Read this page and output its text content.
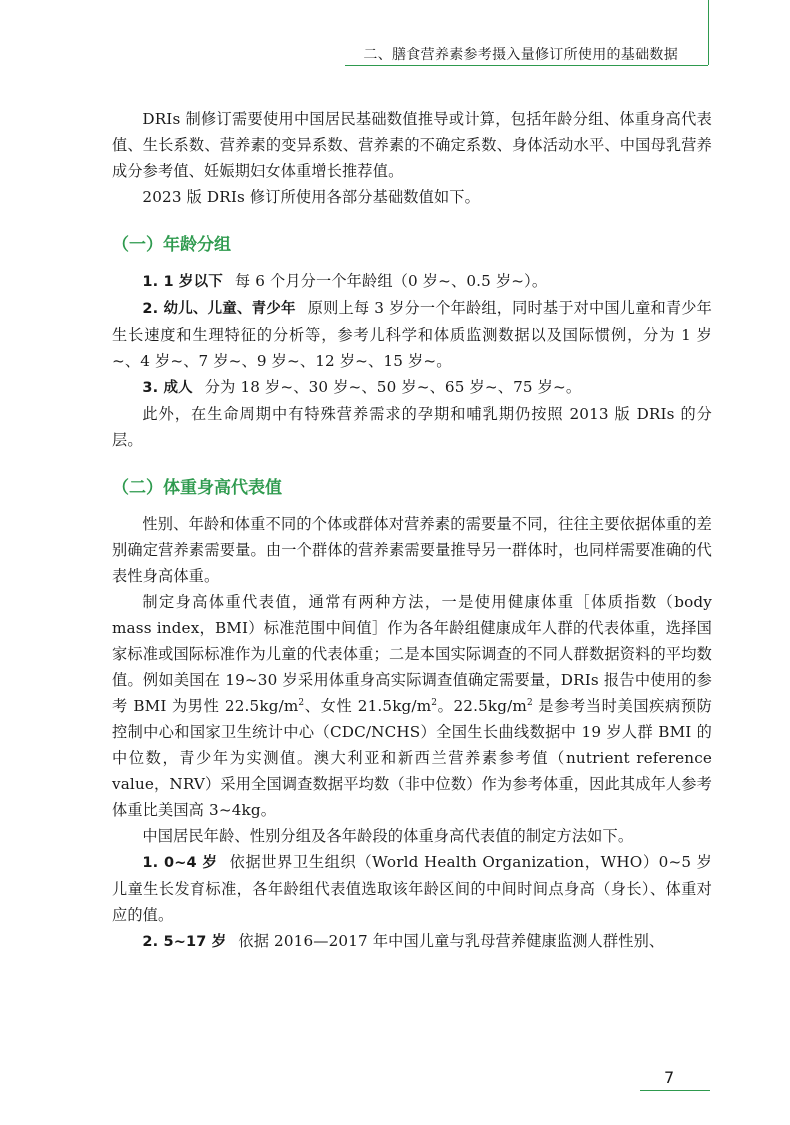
二、膳食营养素参考摄入量修订所使用的基础数据

DRIs 制修订需要使用中国居民基础数值推导或计算，包括年龄分组、体重身高代表值、生长系数、营养素的变异系数、营养素的不确定系数、身体活动水平、中国母乳营养成分参考值、妊娠期妇女体重增长推荐值。

2023 版 DRIs 修订所使用各部分基础数值如下。

（一）年龄分组

1. 1 岁以下 每 6 个月分一个年龄组（0 岁~、0.5 岁~）。

2. 幼儿、儿童、青少年 原则上每 3 岁分一个年龄组，同时基于对中国儿童和青少年生长速度和生理特征的分析等，参考儿科学和体质监测数据以及国际惯例，分为 1 岁~、4 岁~、7 岁~、9 岁~、12 岁~、15 岁~。

3. 成人 分为 18 岁~、30 岁~、50 岁~、65 岁~、75 岁~。

此外，在生命周期中有特殊营养需求的孕期和哺乳期仍按照 2013 版 DRIs 的分层。

（二）体重身高代表值

性别、年龄和体重不同的个体或群体对营养素的需要量不同，往往主要依据体重的差别确定营养素需要量。由一个群体的营养素需要量推导另一群体时，也同样需要准确的代表性身高体重。

制定身高体重代表值，通常有两种方法，一是使用健康体重［体质指数（body mass index，BMI）标准范围中间值］作为各年龄组健康成年人群的代表体重，选择国家标准或国际标准作为儿童的代表体重；二是本国实际调查的不同人群数据资料的平均数值。例如美国在 19~30 岁采用体重身高实际调查值确定需要量，DRIs 报告中使用的参考 BMI 为男性 $22.5kg/m^2$、女性 $21.5kg/m^2$。$22.5kg/m^2$ 是参考当时美国疾病预防控制中心和国家卫生统计中心（CDC/NCHS）全国生长曲线数据中 19 岁人群 BMI 的中位数，青少年为实测值。澳大利亚和新西兰营养素参考值（nutrient reference value，NRV）采用全国调查数据平均数（非中位数）作为参考体重，因此其成年人参考体重比美国高 3~4kg。

中国居民年龄、性别分组及各年龄段的体重身高代表值的制定方法如下。

1. 0~4 岁 依据世界卫生组织（World Health Organization，WHO）0~5 岁儿童生长发育标准，各年龄组代表值选取该年龄区间的中间时间点身高（身长）、体重对应的值。

2. 5~17 岁 依据 2016—2017 年中国儿童与乳母营养健康监测人群性别、

7
